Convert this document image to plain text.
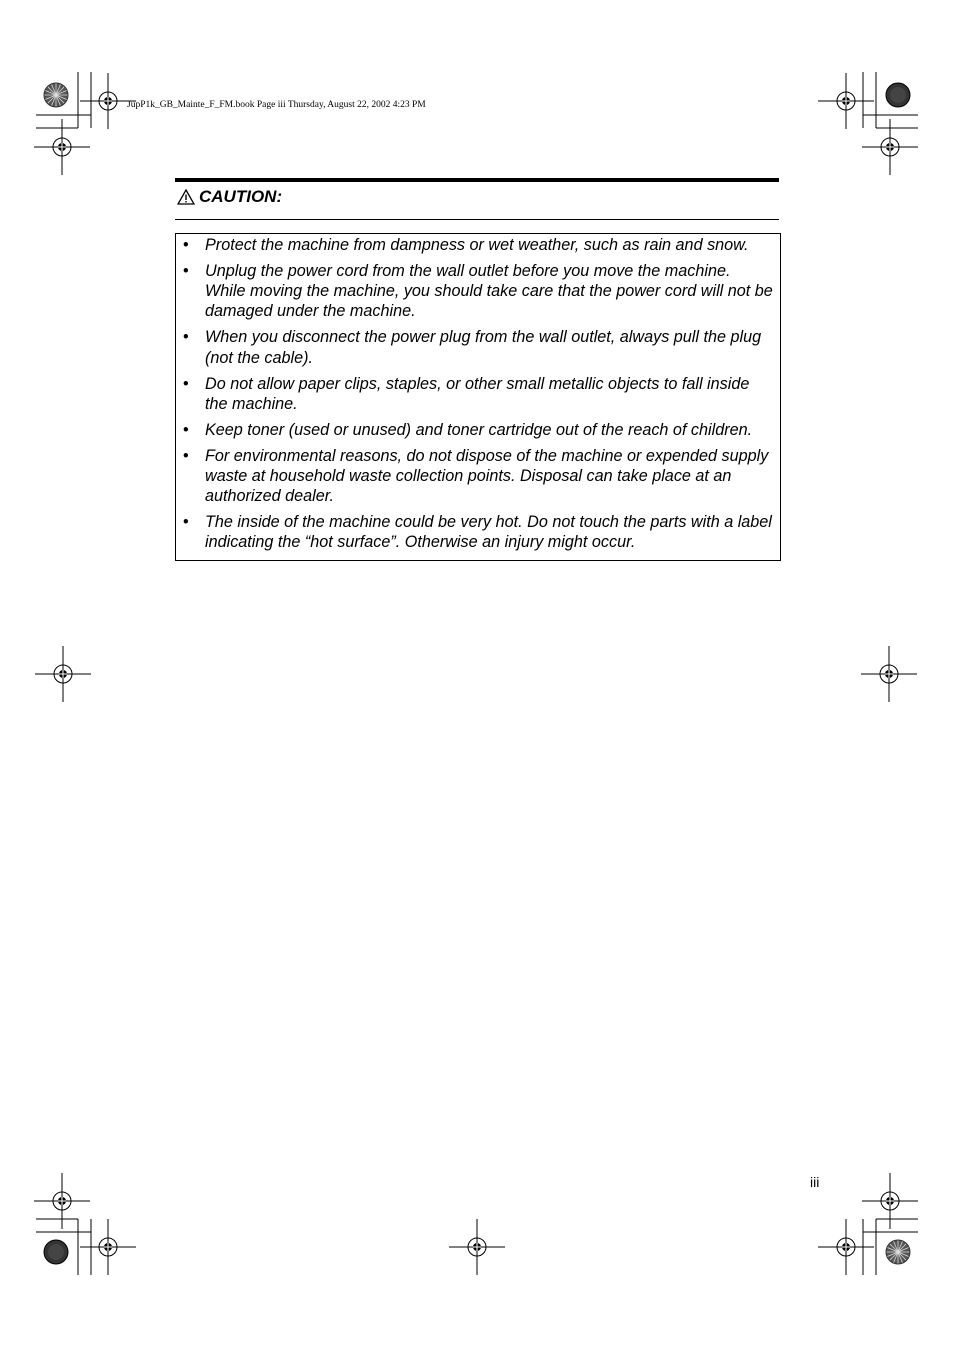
JupP1k_GB_Mainte_F_FM.book Page iii Thursday, August 22, 2002 4:23 PM
CAUTION:
• Protect the machine from dampness or wet weather, such as rain and snow.
• Unplug the power cord from the wall outlet before you move the machine. While moving the machine, you should take care that the power cord will not be damaged under the machine.
• When you disconnect the power plug from the wall outlet, always pull the plug (not the cable).
• Do not allow paper clips, staples, or other small metallic objects to fall inside the machine.
• Keep toner (used or unused) and toner cartridge out of the reach of children.
• For environmental reasons, do not dispose of the machine or expended supply waste at household waste collection points. Disposal can take place at an authorized dealer.
• The inside of the machine could be very hot. Do not touch the parts with a label indicating the “hot surface”. Otherwise an injury might occur.
iii
